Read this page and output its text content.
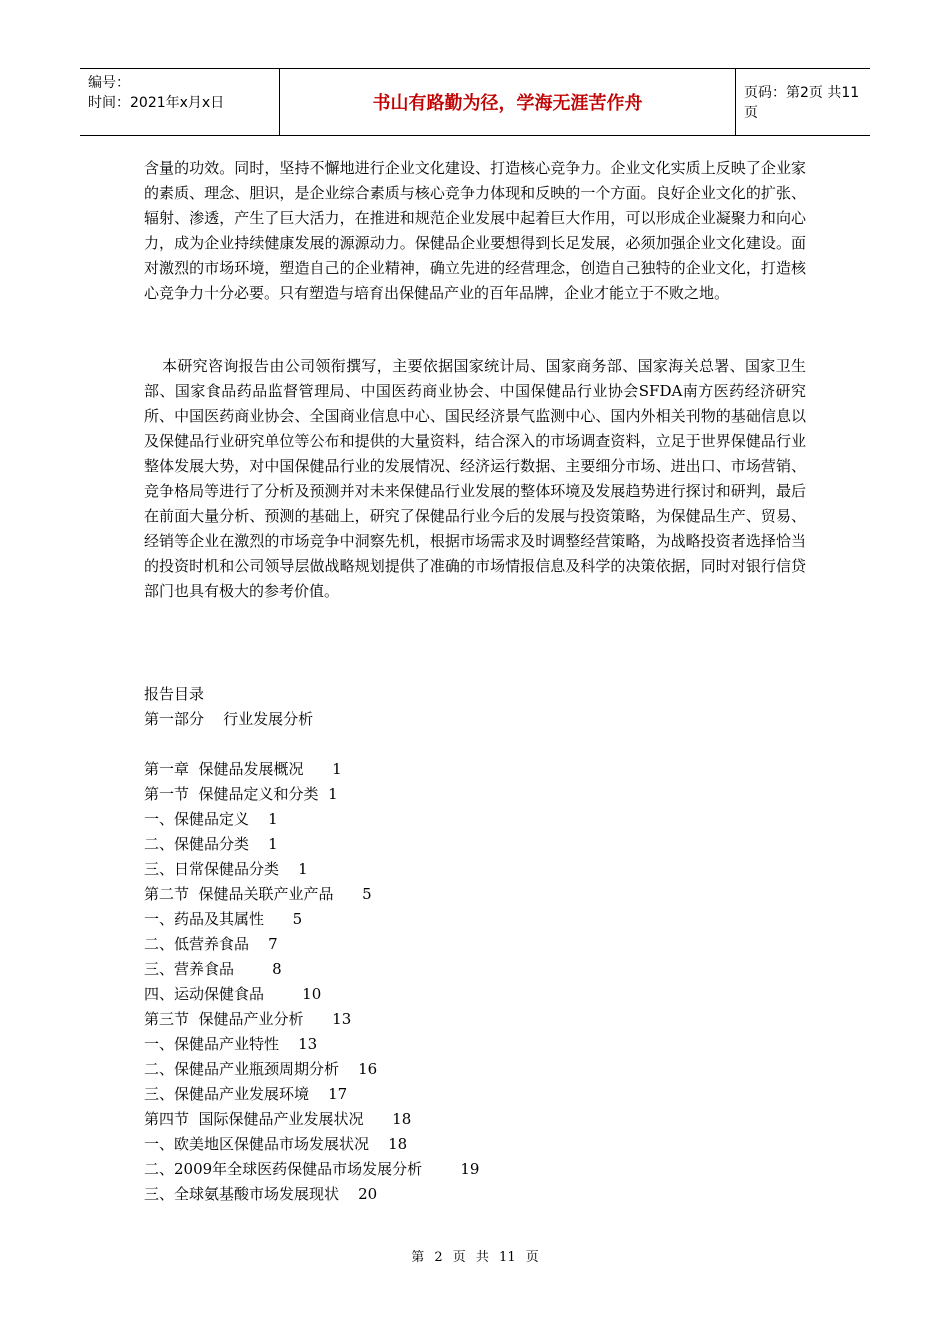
编号：
时间：2021年x月x日	书山有路勤为径，学海无涯苦作舟	页码：第2页 共11页
含量的功效。同时，坚持不懈地进行企业文化建设、打造核心竞争力。企业文化实质上反映了企业家的素质、理念、胆识，是企业综合素质与核心竞争力体现和反映的一个方面。良好企业文化的扩张、辐射、渗透，产生了巨大活力，在推进和规范企业发展中起着巨大作用，可以形成企业凝聚力和向心力，成为企业持续健康发展的源源动力。保健品企业要想得到长足发展，必须加强企业文化建设。面对激烈的市场环境，塑造自己的企业精神，确立先进的经营理念，创造自己独特的企业文化，打造核心竞争力十分必要。只有塑造与培育出保健品产业的百年品牌，企业才能立于不败之地。
本研究咨询报告由公司领衔撰写，主要依据国家统计局、国家商务部、国家海关总署、国家卫生部、国家食品药品监督管理局、中国医药商业协会、中国保健品行业协会SFDA南方医药经济研究所、中国医药商业协会、全国商业信息中心、国民经济景气监测中心、国内外相关刊物的基础信息以及保健品行业研究单位等公布和提供的大量资料，结合深入的市场调查资料，立足于世界保健品行业整体发展大势，对中国保健品行业的发展情况、经济运行数据、主要细分市场、进出口、市场营销、竞争格局等进行了分析及预测并对未来保健品行业发展的整体环境及发展趋势进行探讨和研判，最后在前面大量分析、预测的基础上，研究了保健品行业今后的发展与投资策略，为保健品生产、贸易、经销等企业在激烈的市场竞争中洞察先机，根据市场需求及时调整经营策略，为战略投资者选择恰当的投资时机和公司领导层做战略规划提供了准确的市场情报信息及科学的决策依据，同时对银行信贷部门也具有极大的参考价值。
报告目录
第一部分    行业发展分析
第一章  保健品发展概况      1
第一节  保健品定义和分类  1
一、保健品定义    1
二、保健品分类    1
三、日常保健品分类    1
第二节  保健品关联产业产品      5
一、药品及其属性      5
二、低营养食品    7
三、营养食品        8
四、运动保健食品        10
第三节  保健品产业分析      13
一、保健品产业特性    13
二、保健品产业瓶颈周期分析    16
三、保健品产业发展环境    17
第四节  国际保健品产业发展状况      18
一、欧美地区保健品市场发展状况    18
二、2009年全球医药保健品市场发展分析        19
三、全球氨基酸市场发展现状    20
第 2 页 共 11 页
